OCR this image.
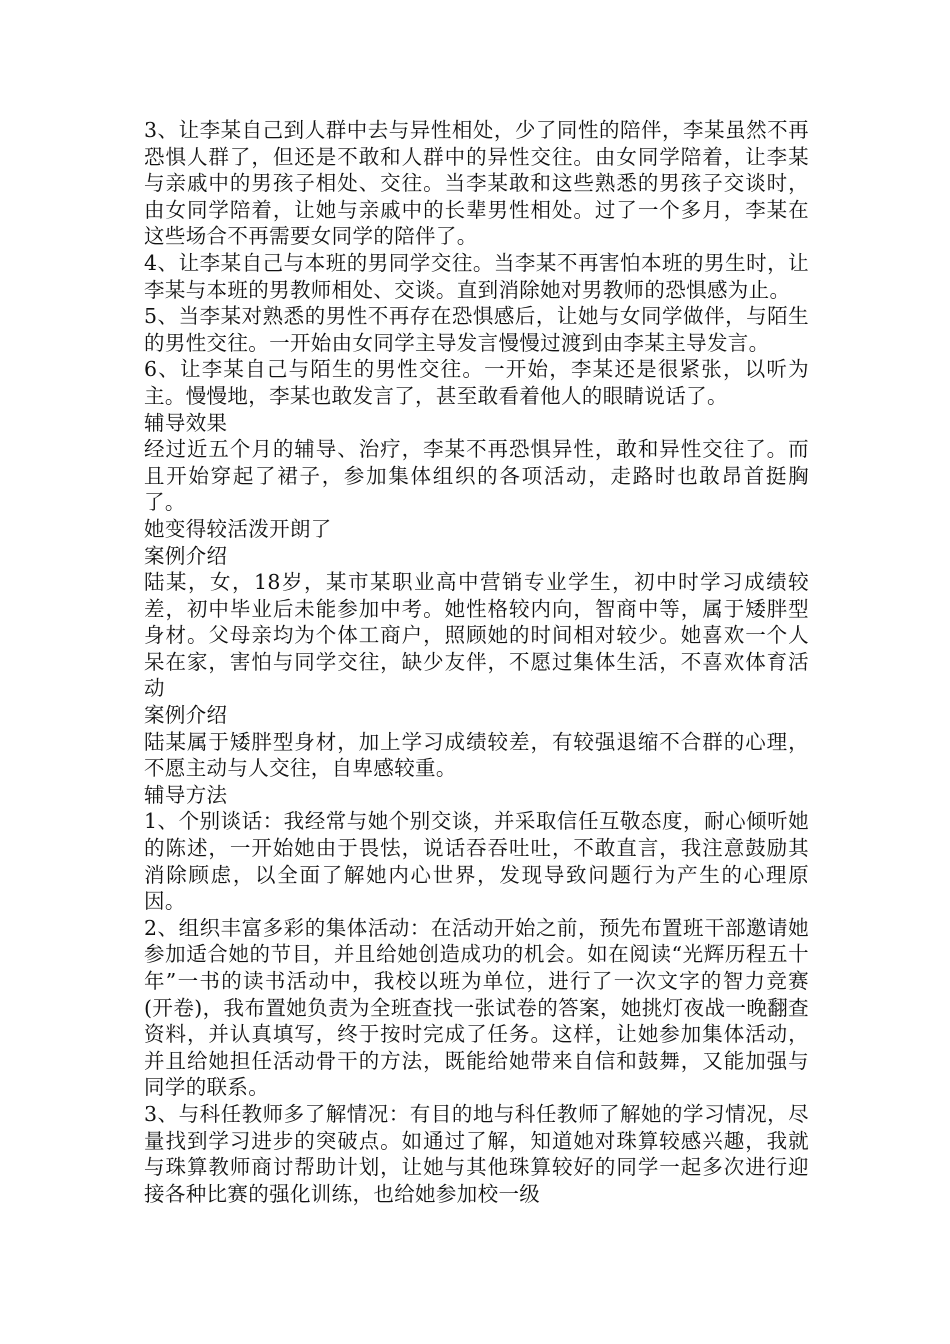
3、让李某自己到人群中去与异性相处，少了同性的陪伴，李某虽然不再恐惧人群了，但还是不敢和人群中的异性交往。由女同学陪着，让李某与亲戚中的男孩子相处、交往。当李某敢和这些熟悉的男孩子交谈时，由女同学陪着，让她与亲戚中的长辈男性相处。过了一个多月，李某在这些场合不再需要女同学的陪伴了。

4、让李某自己与本班的男同学交往。当李某不再害怕本班的男生时，让李某与本班的男教师相处、交谈。直到消除她对男教师的恐惧感为止。

5、当李某对熟悉的男性不再存在恐惧感后，让她与女同学做伴，与陌生的男性交往。一开始由女同学主导发言慢慢过渡到由李某主导发言。

6、让李某自己与陌生的男性交往。一开始，李某还是很紧张，以听为主。慢慢地，李某也敢发言了，甚至敢看着他人的眼睛说话了。

辅导效果

经过近五个月的辅导、治疗，李某不再恐惧异性，敢和异性交往了。而且开始穿起了裙子，参加集体组织的各项活动，走路时也敢昂首挺胸了。

她变得较活泼开朗了

案例介绍

陆某，女，18岁，某市某职业高中营销专业学生，初中时学习成绩较差，初中毕业后未能参加中考。她性格较内向，智商中等，属于矮胖型身材。父母亲均为个体工商户，照顾她的时间相对较少。她喜欢一个人呆在家，害怕与同学交往，缺少友伴，不愿过集体生活，不喜欢体育活动

案例介绍

陆某属于矮胖型身材，加上学习成绩较差，有较强退缩不合群的心理，不愿主动与人交往，自卑感较重。

辅导方法

1、个别谈话：我经常与她个别交谈，并采取信任互敬态度，耐心倾听她的陈述，一开始她由于畏怯，说话吞吞吐吐，不敢直言，我注意鼓励其消除顾虑，以全面了解她内心世界，发现导致问题行为产生的心理原因。

2、组织丰富多彩的集体活动：在活动开始之前，预先布置班干部邀请她参加适合她的节目，并且给她创造成功的机会。如在阅读“光辉历程五十年”一书的读书活动中，我校以班为单位，进行了一次文字的智力竞赛(开卷)，我布置她负责为全班查找一张试卷的答案，她挑灯夜战一晚翻查资料，并认真填写，终于按时完成了任务。这样，让她参加集体活动，并且给她担任活动骨干的方法，既能给她带来自信和鼓舞，又能加强与同学的联系。

3、与科任教师多了解情况：有目的地与科任教师了解她的学习情况，尽量找到学习进步的突破点。如通过了解，知道她对珠算较感兴趣，我就与珠算教师商讨帮助计划，让她与其他珠算较好的同学一起多次进行迎接各种比赛的强化训练，也给她参加校一级
